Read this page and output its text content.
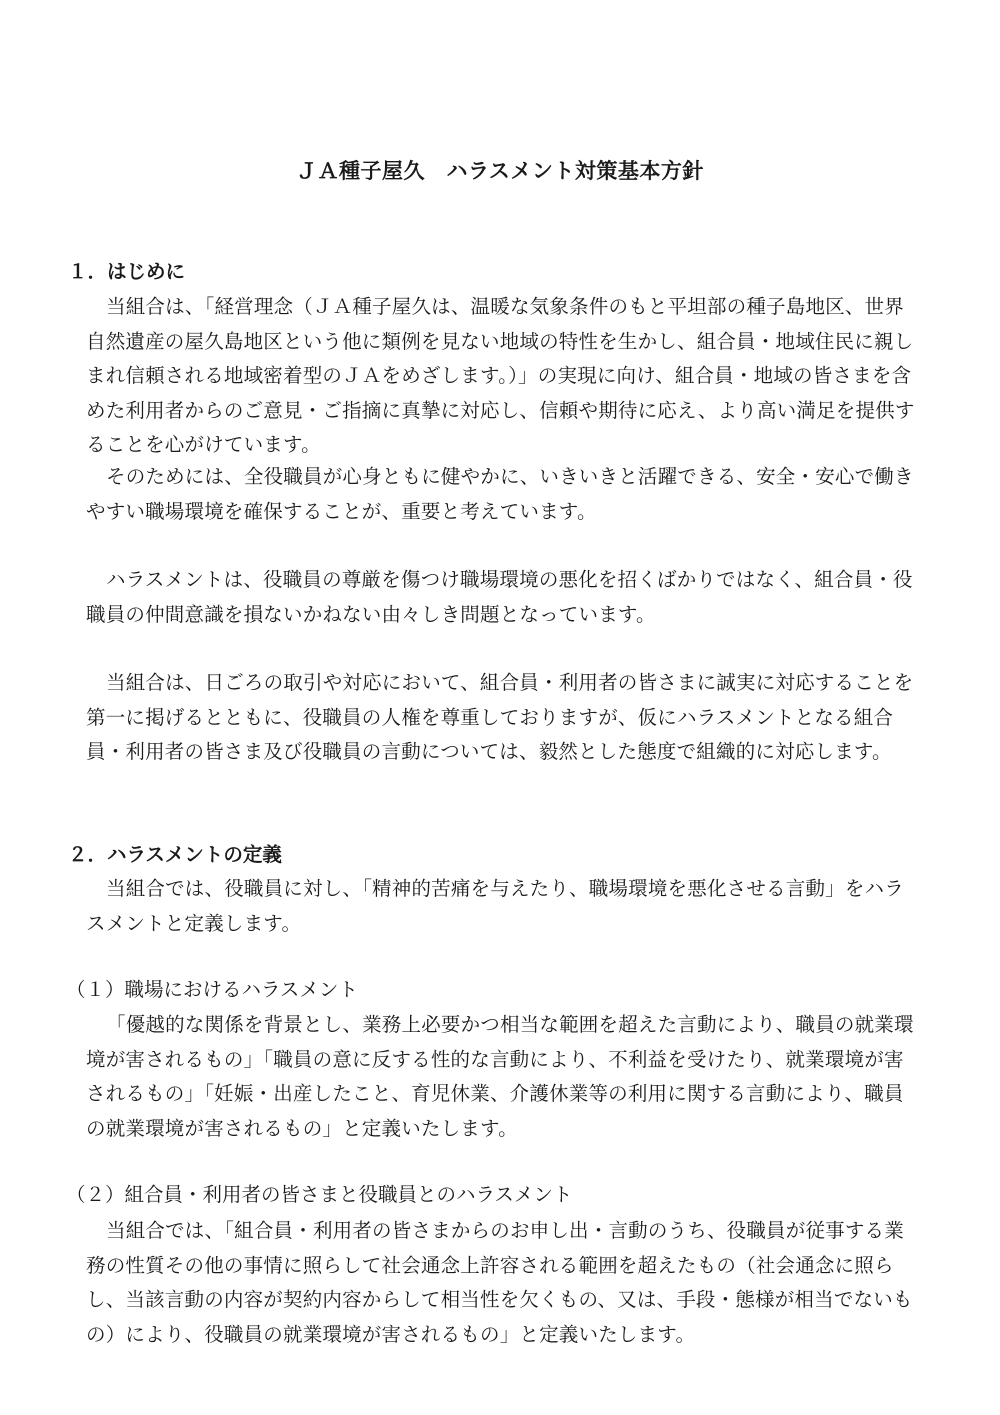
ＪＡ種子屋久　ハラスメント対策基本方針
１．はじめに
当組合は、「経営理念（ＪＡ種子屋久は、温暖な気象条件のもと平坦部の種子島地区、世界自然遺産の屋久島地区という他に類例を見ない地域の特性を生かし、組合員・地域住民に親しまれ信頼される地域密着型のＪＡをめざします。）」の実現に向け、組合員・地域の皆さまを含めた利用者からのご意見・ご指摘に真摯に対応し、信頼や期待に応え、より高い満足を提供することを心がけています。
そのためには、全役職員が心身ともに健やかに、いきいきと活躍できる、安全・安心で働きやすい職場環境を確保することが、重要と考えています。
ハラスメントは、役職員の尊厳を傷つけ職場環境の悪化を招くばかりではなく、組合員・役職員の仲間意識を損ないかねない由々しき問題となっています。
当組合は、日ごろの取引や対応において、組合員・利用者の皆さまに誠実に対応することを第一に掲げるとともに、役職員の人権を尊重しておりますが、仮にハラスメントとなる組合員・利用者の皆さま及び役職員の言動については、毅然とした態度で組織的に対応します。
２．ハラスメントの定義
当組合では、役職員に対し、「精神的苦痛を与えたり、職場環境を悪化させる言動」をハラスメントと定義します。
（１）職場におけるハラスメント
「優越的な関係を背景とし、業務上必要かつ相当な範囲を超えた言動により、職員の就業環境が害されるもの」「職員の意に反する性的な言動により、不利益を受けたり、就業環境が害されるもの」「妊娠・出産したこと、育児休業、介護休業等の利用に関する言動により、職員の就業環境が害されるもの」と定義いたします。
（２）組合員・利用者の皆さまと役職員とのハラスメント
当組合では、「組合員・利用者の皆さまからのお申し出・言動のうち、役職員が従事する業務の性質その他の事情に照らして社会通念上許容される範囲を超えたもの（社会通念に照らし、当該言動の内容が契約内容からして相当性を欠くもの、又は、手段・態様が相当でないもの）により、役職員の就業環境が害されるもの」と定義いたします。
